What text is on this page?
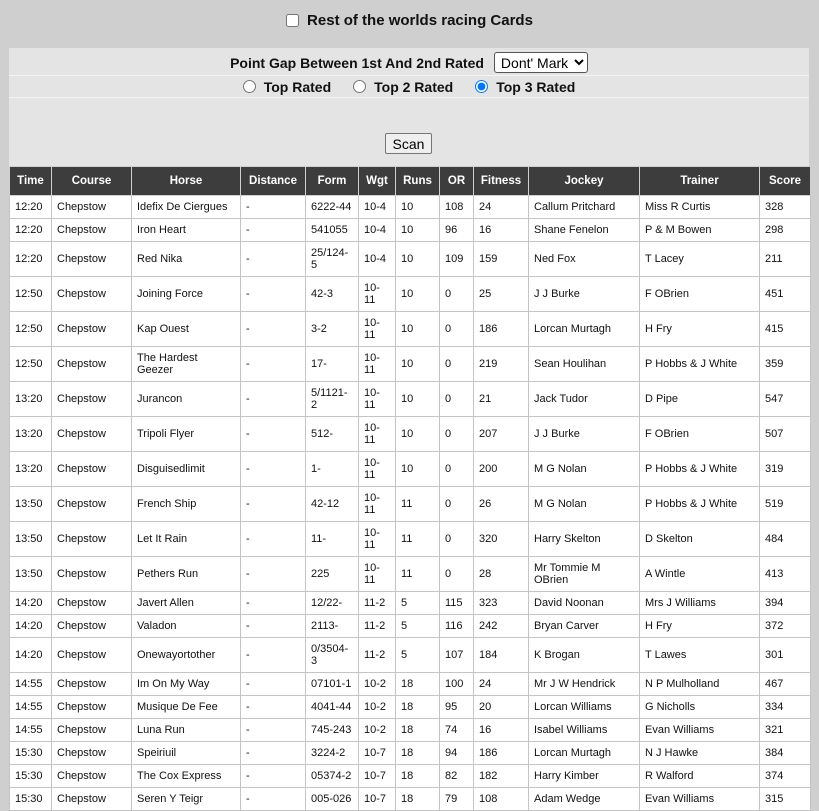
Rest of the worlds racing Cards
Point Gap Between 1st And 2nd Rated
Dont' Mark
Top Rated	Top 2 Rated	Top 3 Rated
Scan
Time	Course	Horse	Distance	Form	Wgt	Runs	OR	Fitness	Jockey	Trainer	Score
12:20	Chepstow	Idefix De Ciergues	-	6222-44	10-4	10	108	24	Callum Pritchard	Miss R Curtis	328
12:20	Chepstow	Iron Heart	-	541055	10-4	10	96	16	Shane Fenelon	P & M Bowen	298
12:20	Chepstow	Red Nika	-	25/124-5	10-4	10	109	159	Ned Fox	T Lacey	211
12:50	Chepstow	Joining Force	-	42-3	10-11	10	0	25	J J Burke	F OBrien	451
12:50	Chepstow	Kap Ouest	-	3-2	10-11	10	0	186	Lorcan Murtagh	H Fry	415
12:50	Chepstow	The Hardest Geezer	-	17-	10-11	10	0	219	Sean Houlihan	P Hobbs & J White	359
13:20	Chepstow	Jurancon	-	5/1121-2	10-11	10	0	21	Jack Tudor	D Pipe	547
13:20	Chepstow	Tripoli Flyer	-	512-	10-11	10	0	207	J J Burke	F OBrien	507
13:20	Chepstow	Disguisedlimit	-	1-	10-11	10	0	200	M G Nolan	P Hobbs & J White	319
13:50	Chepstow	French Ship	-	42-12	10-11	11	0	26	M G Nolan	P Hobbs & J White	519
13:50	Chepstow	Let It Rain	-	11-	10-11	11	0	320	Harry Skelton	D Skelton	484
13:50	Chepstow	Pethers Run	-	225	10-11	11	0	28	Mr Tommie M OBrien	A Wintle	413
14:20	Chepstow	Javert Allen	-	12/22-	11-2	5	115	323	David Noonan	Mrs J Williams	394
14:20	Chepstow	Valadon	-	2113-	11-2	5	116	242	Bryan Carver	H Fry	372
14:20	Chepstow	Onewayortother	-	0/3504-3	11-2	5	107	184	K Brogan	T Lawes	301
14:55	Chepstow	Im On My Way	-	07101-1	10-2	18	100	24	Mr J W Hendrick	N P Mulholland	467
14:55	Chepstow	Musique De Fee	-	4041-44	10-2	18	95	20	Lorcan Williams	G Nicholls	334
14:55	Chepstow	Luna Run	-	745-243	10-2	18	74	16	Isabel Williams	Evan Williams	321
15:30	Chepstow	Speiriuil	-	3224-2	10-7	18	94	186	Lorcan Murtagh	N J Hawke	384
15:30	Chepstow	The Cox Express	-	05374-2	10-7	18	82	182	Harry Kimber	R Walford	374
15:30	Chepstow	Seren Y Teigr	-	005-026	10-7	18	79	108	Adam Wedge	Evan Williams	315
